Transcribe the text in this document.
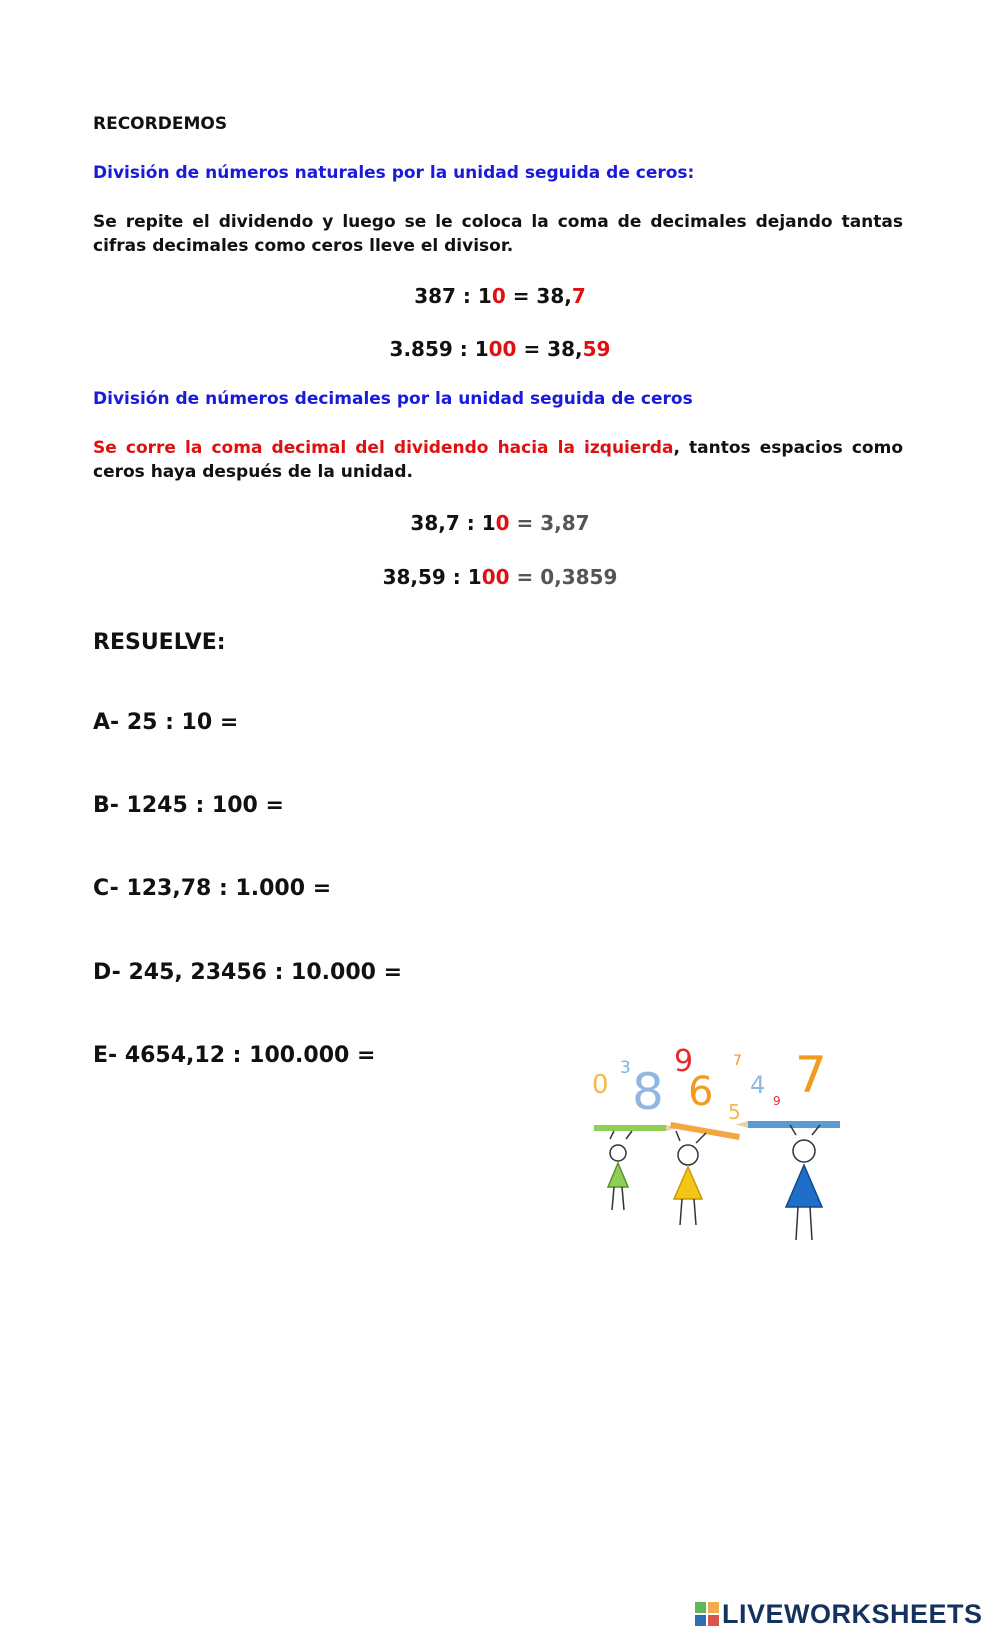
RECORDEMOS
División de números naturales por la unidad seguida de ceros:
Se repite el dividendo y luego se le coloca la coma de decimales dejando tantas cifras decimales como ceros lleve el divisor.
387 : 10 = 38,7
3.859 : 100 = 38,59
División de números decimales por la unidad seguida de ceros
Se corre la coma decimal del dividendo hacia la izquierda, tantos espacios como ceros haya después de la unidad.
38,7 : 10 = 3,87
38,59 : 100 = 0,3859
RESUELVE:
A- 25 : 10 =
B- 1245 : 100 =
C- 123,78 : 1.000 =
D- 245, 23456 : 10.000 =
E- 4654,12 : 100.000 =
0
3 8
9
6
7
4
5	9 7
LIVEWORKSHEETS
